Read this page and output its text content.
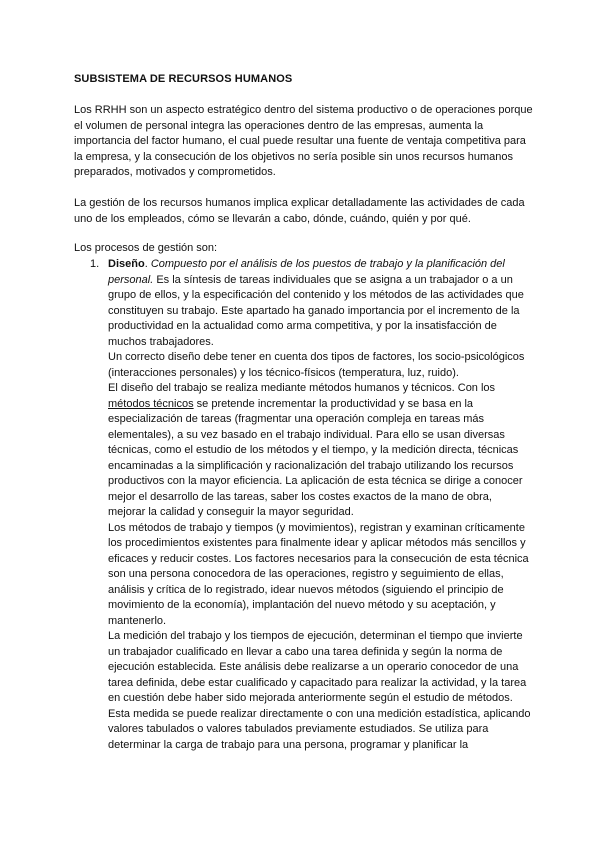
SUBSISTEMA DE RECURSOS HUMANOS

Los RRHH son un aspecto estratégico dentro del sistema productivo o de operaciones porque el volumen de personal integra las operaciones dentro de las empresas, aumenta la importancia del factor humano, el cual puede resultar una fuente de ventaja competitiva para la empresa, y la consecución de los objetivos no sería posible sin unos recursos humanos preparados, motivados y comprometidos.

La gestión de los recursos humanos implica explicar detalladamente las actividades de cada uno de los empleados, cómo se llevarán a cabo, dónde, cuándo, quién y por qué.

Los procesos de gestión son:

1. Diseño. Compuesto por el análisis de los puestos de trabajo y la planificación del personal. Es la síntesis de tareas individuales que se asigna a un trabajador o a un grupo de ellos, y la especificación del contenido y los métodos de las actividades que constituyen su trabajo. Este apartado ha ganado importancia por el incremento de la productividad en la actualidad como arma competitiva, y por la insatisfacción de muchos trabajadores.

Un correcto diseño debe tener en cuenta dos tipos de factores, los socio-psicológicos (interacciones personales) y los técnico-físicos (temperatura, luz, ruido).

El diseño del trabajo se realiza mediante métodos humanos y técnicos. Con los métodos técnicos se pretende incrementar la productividad y se basa en la especialización de tareas (fragmentar una operación compleja en tareas más elementales), a su vez basado en el trabajo individual. Para ello se usan diversas técnicas, como el estudio de los métodos y el tiempo, y la medición directa, técnicas encaminadas a la simplificación y racionalización del trabajo utilizando los recursos productivos con la mayor eficiencia. La aplicación de esta técnica se dirige a conocer mejor el desarrollo de las tareas, saber los costes exactos de la mano de obra, mejorar la calidad y conseguir la mayor seguridad.

Los métodos de trabajo y tiempos (y movimientos), registran y examinan críticamente los procedimientos existentes para finalmente idear y aplicar métodos más sencillos y eficaces y reducir costes. Los factores necesarios para la consecución de esta técnica son una persona conocedora de las operaciones, registro y seguimiento de ellas, análisis y crítica de lo registrado, idear nuevos métodos (siguiendo el principio de movimiento de la economía), implantación del nuevo método y su aceptación, y mantenerlo.

La medición del trabajo y los tiempos de ejecución, determinan el tiempo que invierte un trabajador cualificado en llevar a cabo una tarea definida y según la norma de ejecución establecida. Este análisis debe realizarse a un operario conocedor de una tarea definida, debe estar cualificado y capacitado para realizar la actividad, y la tarea en cuestión debe haber sido mejorada anteriormente según el estudio de métodos.

Esta medida se puede realizar directamente o con una medición estadística, aplicando valores tabulados o valores tabulados previamente estudiados. Se utiliza para determinar la carga de trabajo para una persona, programar y planificar la
